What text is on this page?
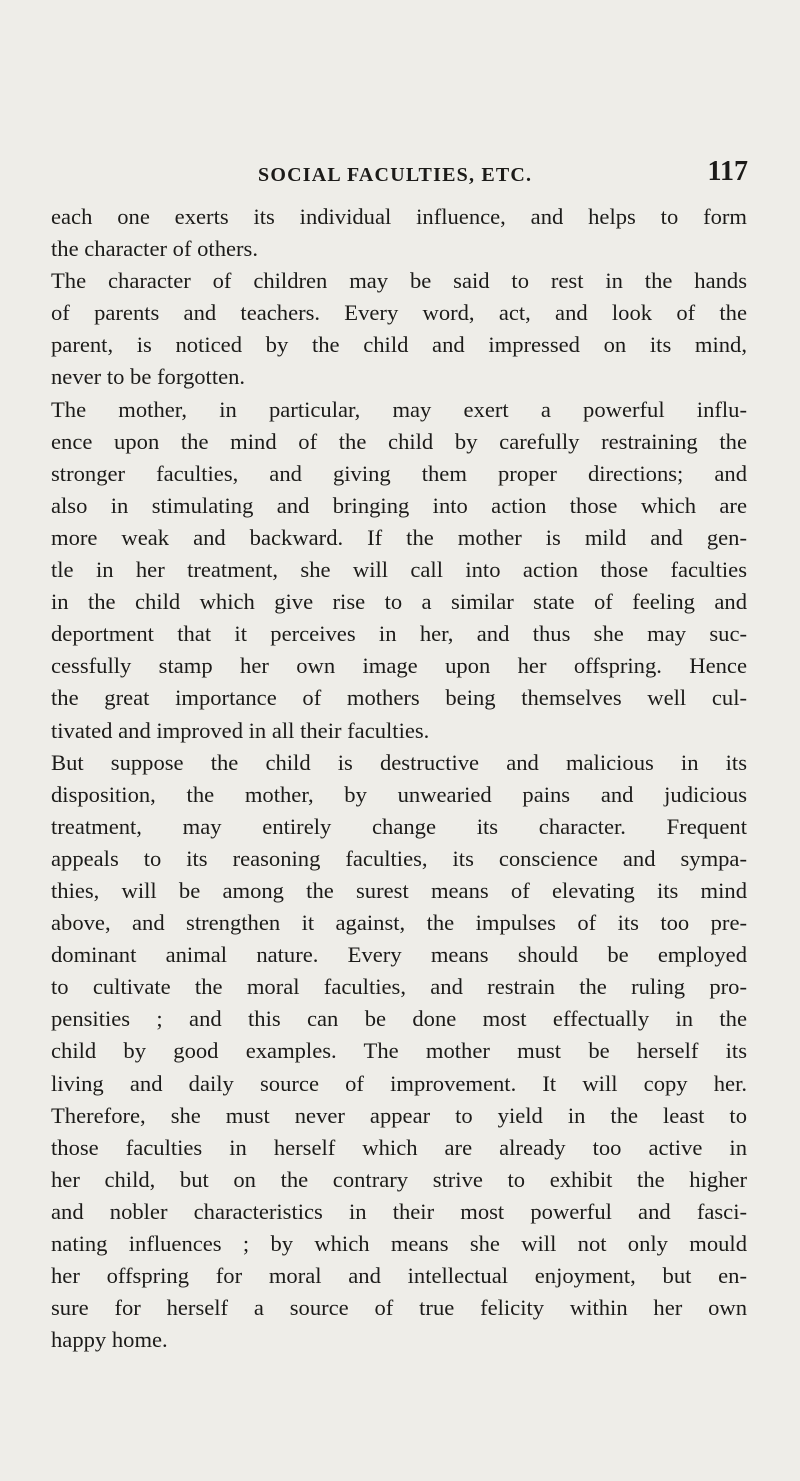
SOCIAL FACULTIES, ETC.	117
each one exerts its individual influence, and helps to form
the character of others.
The character of children may be said to rest in the hands
of parents and teachers. Every word, act, and look of the
parent, is noticed by the child and impressed on its mind,
never to be forgotten.
The mother, in particular, may exert a powerful influ-
ence upon the mind of the child by carefully restraining the
stronger faculties, and giving them proper directions; and
also in stimulating and bringing into action those which are
more weak and backward. If the mother is mild and gen-
tle in her treatment, she will call into action those faculties
in the child which give rise to a similar state of feeling and
deportment that it perceives in her, and thus she may suc-
cessfully stamp her own image upon her offspring. Hence
the great importance of mothers being themselves well cul-
tivated and improved in all their faculties.
But suppose the child is destructive and malicious in its
disposition, the mother, by unwearied pains and judicious
treatment, may entirely change its character. Frequent
appeals to its reasoning faculties, its conscience and sympa-
thies, will be among the surest means of elevating its mind
above, and strengthen it against, the impulses of its too pre-
dominant animal nature. Every means should be employed
to cultivate the moral faculties, and restrain the ruling pro-
pensities ; and this can be done most effectually in the
child by good examples. The mother must be herself its
living and daily source of improvement. It will copy her.
Therefore, she must never appear to yield in the least to
those faculties in herself which are already too active in
her child, but on the contrary strive to exhibit the higher
and nobler characteristics in their most powerful and fasci-
nating influences ; by which means she will not only mould
her offspring for moral and intellectual enjoyment, but en-
sure for herself a source of true felicity within her own
happy home.
